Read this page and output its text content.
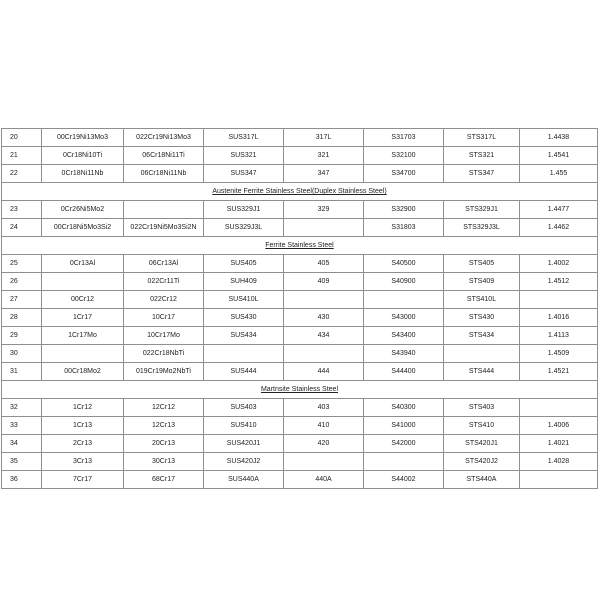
20	00Cr19Ni13Mo3	022Cr19Ni13Mo3	SUS317L	317L	S31703	STS317L	1.4438
21	0Cr18Ni10Ti	06Cr18Ni11Ti	SUS321	321	S32100	STS321	1.4541
22	0Cr18Ni11Nb	06Cr18Ni11Nb	SUS347	347	S34700	STS347	1.455
Austenite Ferrite Stainless Steel(Duplex Stainless Steel)							
23	0Cr26Ni5Mo2		SUS329J1	329	S32900	STS329J1	1.4477
24	00Cr18Ni5Mo3Si2	022Cr19Ni5Mo3Si2N	SUS329J3L		S31803	STS329J3L	1.4462
Ferrite Stainless Steel							
25	0Cr13Al	06Cr13Al	SUS405	405	S40500	STS405	1.4002
26		022Cr11Ti	SUH409	409	S40900	STS409	1.4512
27	00Cr12	022Cr12	SUS410L			STS410L	
28	1Cr17	10Cr17	SUS430	430	S43000	STS430	1.4016
29	1Cr17Mo	10Cr17Mo	SUS434	434	S43400	STS434	1.4113
30		022Cr18NbTi			S43940		1.4509
31	00Cr18Mo2	019Cr19Mo2NbTi	SUS444	444	S44400	STS444	1.4521
Martnsite Stainless Steel							
32	1Cr12	12Cr12	SUS403	403	S40300	STS403	
33	1Cr13	12Cr13	SUS410	410	S41000	STS410	1.4006
34	2Cr13	20Cr13	SUS420J1	420	S42000	STS420J1	1.4021
35	3Cr13	30Cr13	SUS420J2			STS420J2	1.4028
36	7Cr17	68Cr17	SUS440A	440A	S44002	STS440A	
